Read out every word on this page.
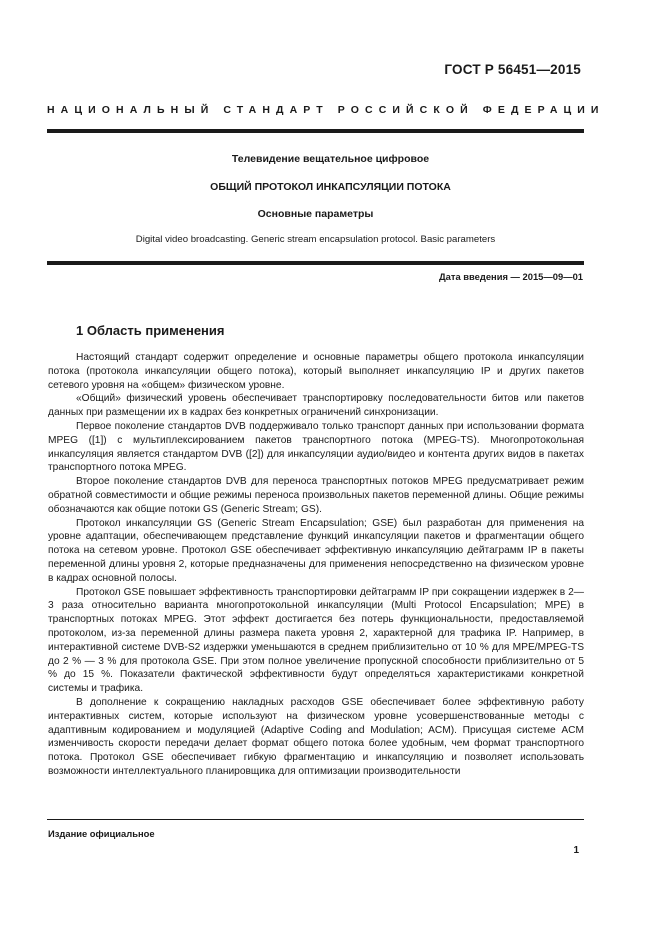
ГОСТ Р 56451—2015
НАЦИОНАЛЬНЫЙ СТАНДАРТ РОССИЙСКОЙ ФЕДЕРАЦИИ
Телевидение вещательное цифровое
ОБЩИЙ ПРОТОКОЛ ИНКАПСУЛЯЦИИ ПОТОКА
Основные параметры
Digital video broadcasting. Generic stream encapsulation protocol. Basic parameters
Дата введения — 2015—09—01
1 Область применения

Настоящий стандарт содержит определение и основные параметры общего протокола инкапсуляции потока (протокола инкапсуляции общего потока), который выполняет инкапсуляцию IP и других пакетов сетевого уровня на «общем» физическом уровне.

«Общий» физический уровень обеспечивает транспортировку последовательности битов или пакетов данных при размещении их в кадрах без конкретных ограничений синхронизации.

Первое поколение стандартов DVB поддерживало только транспорт данных при использовании формата MPEG ([1]) с мультиплексированием пакетов транспортного потока (MPEG-TS). Многопротокольная инкапсуляция является стандартом DVB ([2]) для инкапсуляции аудио/видео и контента других видов в пакетах транспортного потока MPEG.

Второе поколение стандартов DVB для переноса транспортных потоков MPEG предусматривает режим обратной совместимости и общие режимы переноса произвольных пакетов переменной длины. Общие режимы обозначаются как общие потоки GS (Generic Stream; GS).

Протокол инкапсуляции GS (Generic Stream Encapsulation; GSE) был разработан для применения на уровне адаптации, обеспечивающем представление функций инкапсуляции пакетов и фрагментации общего потока на сетевом уровне. Протокол GSE обеспечивает эффективную инкапсуляцию дейтаграмм IP в пакеты переменной длины уровня 2, которые предназначены для применения непосредственно на физическом уровне в кадрах основной полосы.

Протокол GSE повышает эффективность транспортировки дейтаграмм IP при сокращении издержек в 2—3 раза относительно варианта многопротокольной инкапсуляции (Multi Protocol Encapsulation; MPE) в транспортных потоках MPEG. Этот эффект достигается без потерь функциональности, предоставляемой протоколом, из-за переменной длины размера пакета уровня 2, характерной для трафика IP. Например, в интерактивной системе DVB-S2 издержки уменьшаются в среднем приблизительно от 10 % для MPE/MPEG-TS до 2 % — 3 % для протокола GSE. При этом полное увеличение пропускной способности приблизительно от 5 % до 15 %. Показатели фактической эффективности будут определяться характеристиками конкретной системы и трафика.

В дополнение к сокращению накладных расходов GSE обеспечивает более эффективную работу интерактивных систем, которые используют на физическом уровне усовершенствованные методы с адаптивным кодированием и модуляцией (Adaptive Coding and Modulation; ACM). Присущая системе ACM изменчивость скорости передачи делает формат общего потока более удобным, чем формат транспортного потока. Протокол GSE обеспечивает гибкую фрагментацию и инкапсуляцию и позволяет использовать возможности интеллектуального планировщика для оптимизации производительности

Издание официальное
1
